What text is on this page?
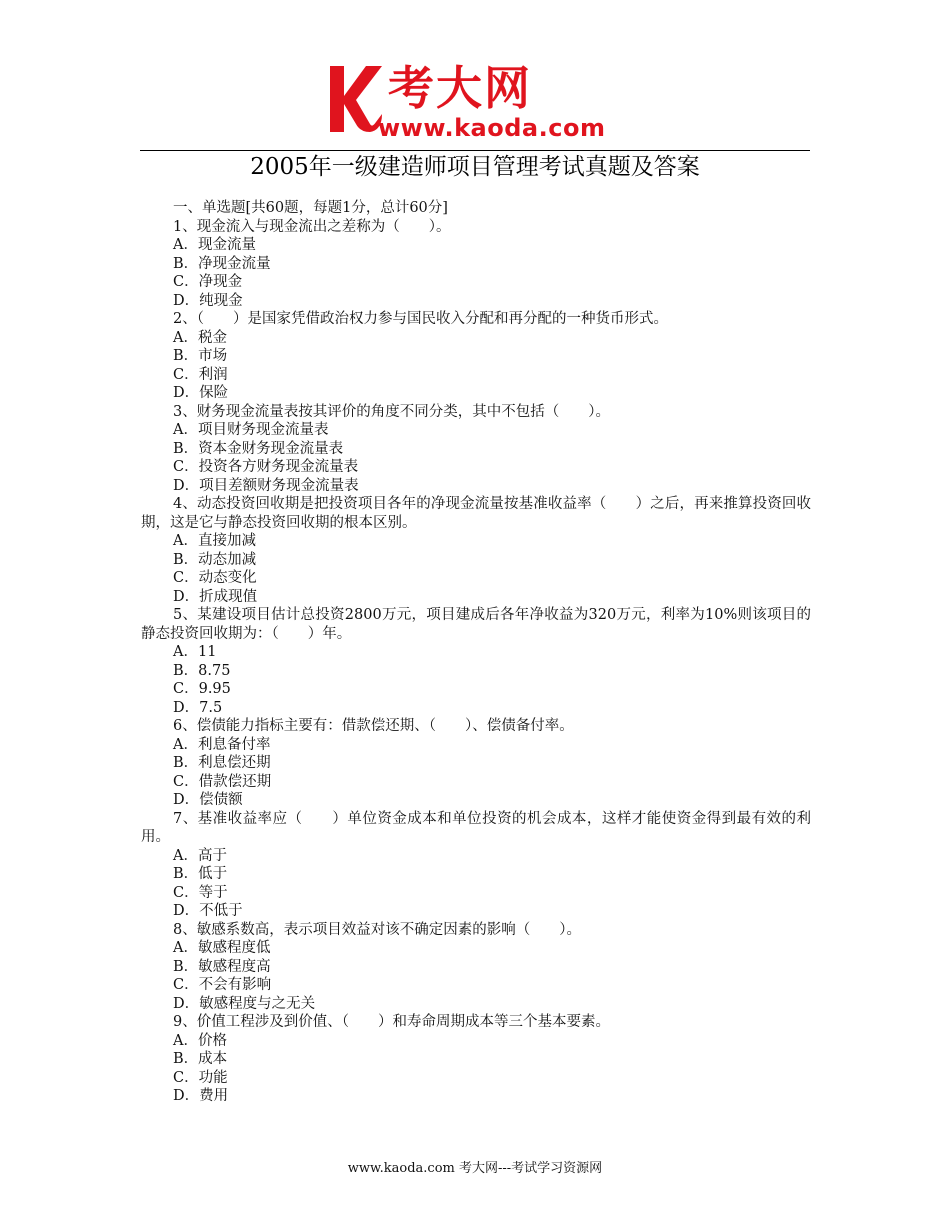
考大网
www.kaoda.com
2005年一级建造师项目管理考试真题及答案
一、单选题[共60题，每题1分，总计60分]
1、现金流入与现金流出之差称为（　　）。
A．现金流量
B．净现金流量
C．净现金
D．纯现金
2、（　　）是国家凭借政治权力参与国民收入分配和再分配的一种货币形式。
A．税金
B．市场
C．利润
D．保险
3、财务现金流量表按其评价的角度不同分类，其中不包括（　　）。
A．项目财务现金流量表
B．资本金财务现金流量表
C．投资各方财务现金流量表
D．项目差额财务现金流量表
4、动态投资回收期是把投资项目各年的净现金流量按基准收益率（　　）之后，再来推算投资回收期，这是它与静态投资回收期的根本区别。
A．直接加减
B．动态加减
C．动态变化
D．折成现值
5、某建设项目估计总投资2800万元，项目建成后各年净收益为320万元，利率为10%则该项目的静态投资回收期为：（　　）年。
A．11
B．8.75
C．9.95
D．7.5
6、偿债能力指标主要有：借款偿还期、（　　）、偿债备付率。
A．利息备付率
B．利息偿还期
C．借款偿还期
D．偿债额
7、基准收益率应（　　）单位资金成本和单位投资的机会成本，这样才能使资金得到最有效的利用。
A．高于
B．低于
C．等于
D．不低于
8、敏感系数高，表示项目效益对该不确定因素的影响（　　）。
A．敏感程度低
B．敏感程度高
C．不会有影响
D．敏感程度与之无关
9、价值工程涉及到价值、（　　）和寿命周期成本等三个基本要素。
A．价格
B．成本
C．功能
D．费用
www.kaoda.com 考大网---考试学习资源网
